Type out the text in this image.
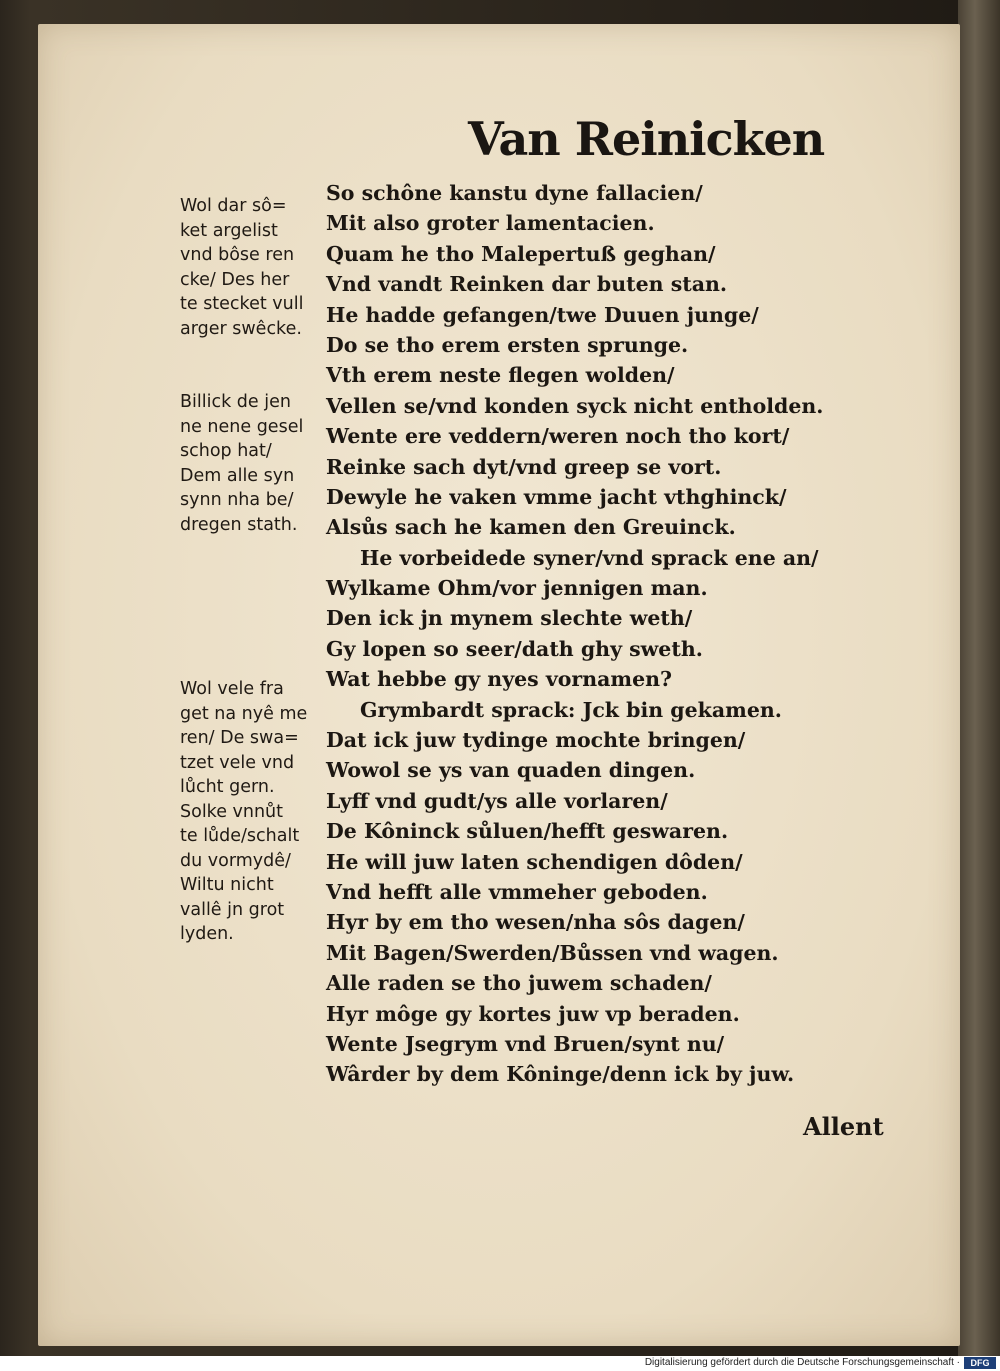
Van Reinicken
Wol dar sô=
ket argelist
vnd bôse ren
cke/ Des her
te stecket vull
arger swêcke.
Billick de jen
ne nene gesel
schop hat/
Dem alle syn
synn nha be/
dregen stath.
Wol vele fra
get na nyê me
ren/ De swa=
tzet vele vnd
lůcht gern.
Solke vnnůt
te lůde/schalt
du vormydê/
Wiltu nicht
vallê jn grot
lyden.
So schône kanstu dyne fallacien/
Mit also groter lamentacien.
Quam he tho Malepertuß geghan/
Vnd vandt Reinken dar buten stan.
He hadde gefangen/twe Duuen junge/
Do se tho erem ersten sprunge.
Vth erem neste flegen wolden/
Vellen se/vnd konden syck nicht entholden.
Wente ere veddern/weren noch tho kort/
Reinke sach dyt/vnd greep se vort.
Dewyle he vaken vmme jacht vthghinck/
Alsůs sach he kamen den Greuinck.
He vorbeidede syner/vnd sprack ene an/
Wylkame Ohm/vor jennigen man.
Den ick jn mynem slechte weth/
Gy lopen so seer/dath ghy sweth.
Wat hebbe gy nyes vornamen?
Grymbardt sprack: Jck bin gekamen.
Dat ick juw tydinge mochte bringen/
Wowol se ys van quaden dingen.
Lyff vnd gudt/ys alle vorlaren/
De Kôninck sůluen/hefft geswaren.
He will juw laten schendigen dôden/
Vnd hefft alle vmmeher geboden.
Hyr by em tho wesen/nha sôs dagen/
Mit Bagen/Swerden/Bůssen vnd wagen.
Alle raden se tho juwem schaden/
Hyr môge gy kortes juw vp beraden.
Wente Jsegrym vnd Bruen/synt nu/
Wârder by dem Kôninge/denn ick by juw.
Allent
Digitalisierung gefördert durch die Deutsche Forschungsgemeinschaft ·	DFG
